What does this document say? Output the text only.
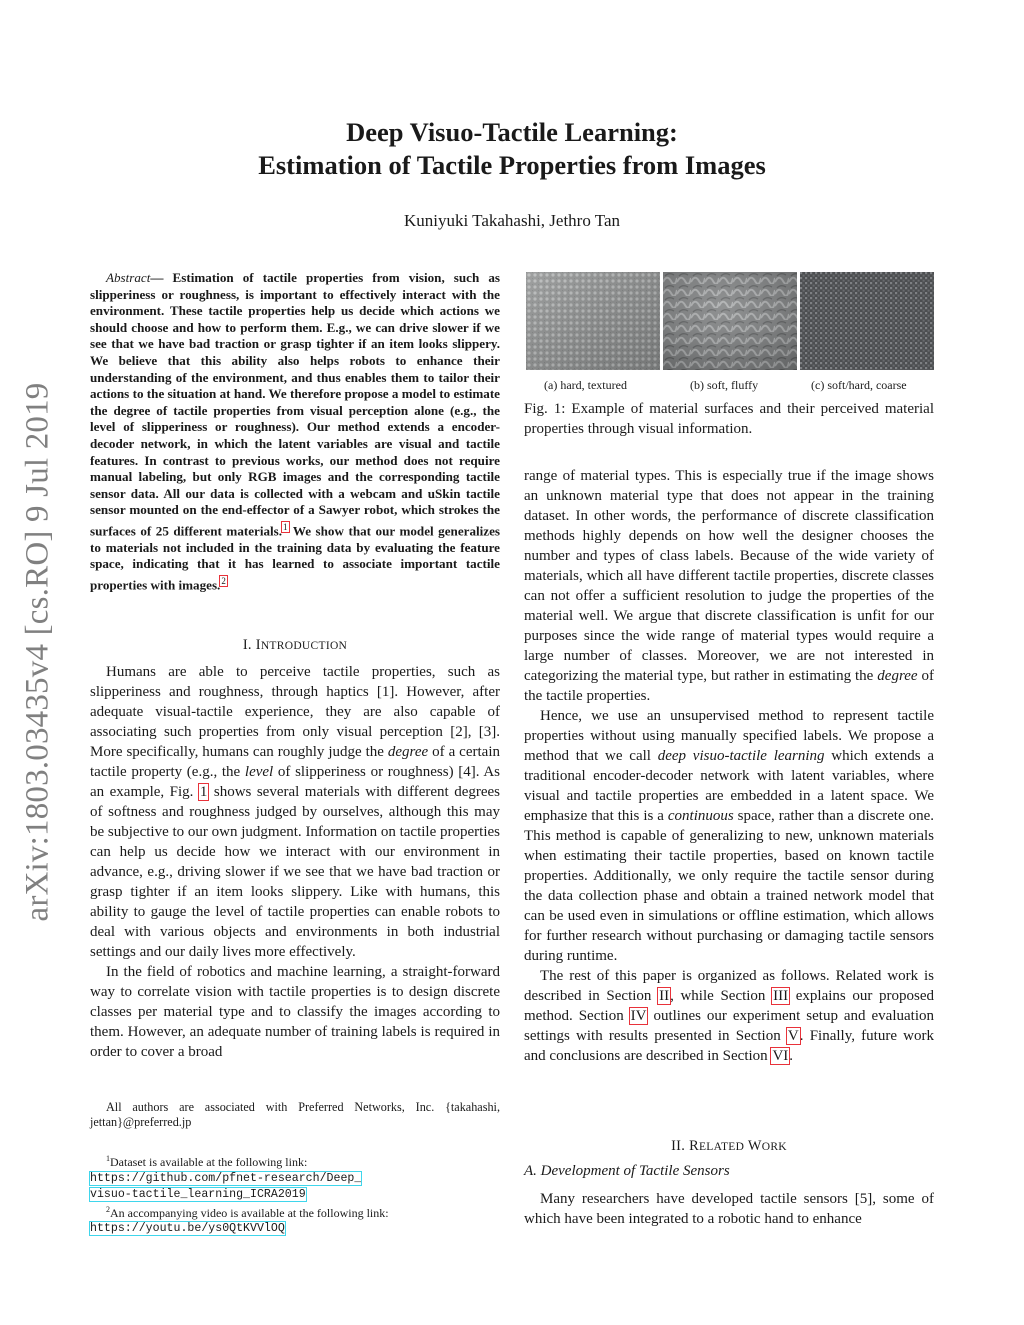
arXiv:1803.03435v4 [cs.RO] 9 Jul 2019
Deep Visuo-Tactile Learning:
Estimation of Tactile Properties from Images
Kuniyuki Takahashi, Jethro Tan
Abstract— Estimation of tactile properties from vision, such as slipperiness or roughness, is important to effectively interact with the environment. These tactile properties help us decide which actions we should choose and how to perform them. E.g., we can drive slower if we see that we have bad traction or grasp tighter if an item looks slippery. We believe that this ability also helps robots to enhance their understanding of the environment, and thus enables them to tailor their actions to the situation at hand. We therefore propose a model to estimate the degree of tactile properties from visual perception alone (e.g., the level of slipperiness or roughness). Our method extends a encoder-decoder network, in which the latent variables are visual and tactile features. In contrast to previous works, our method does not require manual labeling, but only RGB images and the corresponding tactile sensor data. All our data is collected with a webcam and uSkin tactile sensor mounted on the end-effector of a Sawyer robot, which strokes the surfaces of 25 different materials.$^1$ We show that our model generalizes to materials not included in the training data by evaluating the feature space, indicating that it has learned to associate important tactile properties with images.$^2$
I. INTRODUCTION

Humans are able to perceive tactile properties, such as slipperiness and roughness, through haptics [1]. However, after adequate visual-tactile experience, they are also capable of associating such properties from only visual perception [2], [3]. More specifically, humans can roughly judge the degree of a certain tactile property (e.g., the level of slipperiness or roughness) [4]. As an example, Fig. 1 shows several materials with different degrees of softness and roughness judged by ourselves, although this may be subjective to our own judgment. Information on tactile properties can help us decide how we interact with our environment in advance, e.g., driving slower if we see that we have bad traction or grasp tighter if an item looks slippery. Like with humans, this ability to gauge the level of tactile properties can enable robots to deal with various objects and environments in both industrial settings and our daily lives more effectively.

In the field of robotics and machine learning, a straight-forward way to correlate vision with tactile properties is to design discrete classes per material type and to classify the images according to them. However, an adequate number of training labels is required in order to cover a broad

All authors are associated with Preferred Networks, Inc. {takahashi, jettan}@preferred.jp

$^1$Dataset is available at the following link:

https://github.com/pfnet-research/Deep_

visuo-tactile_learning_ICRA2019

$^2$An accompanying video is available at the following link:

https://youtu.be/ys0QtKVVlOQ

(a) hard, textured	(b) soft, fluffy	(c) soft/hard, coarse
Fig. 1: Example of material surfaces and their perceived material properties through visual information.

range of material types. This is especially true if the image shows an unknown material type that does not appear in the training dataset. In other words, the performance of discrete classification methods highly depends on how well the designer chooses the number and types of class labels. Because of the wide variety of materials, which all have different tactile properties, discrete classes can not offer a sufficient resolution to judge the properties of the material well. We argue that discrete classification is unfit for our purposes since the wide range of material types would require a large number of classes. Moreover, we are not interested in categorizing the material type, but rather in estimating the degree of the tactile properties.

Hence, we use an unsupervised method to represent tactile properties without using manually specified labels. We propose a method that we call deep visuo-tactile learning which extends a traditional encoder-decoder network with latent variables, where visual and tactile properties are embedded in a latent space. We emphasize that this is a continuous space, rather than a discrete one. This method is capable of generalizing to new, unknown materials when estimating their tactile properties, based on known tactile properties. Additionally, we only require the tactile sensor during the data collection phase and obtain a trained network model that can be used even in simulations or offline estimation, which allows for further research without purchasing or damaging tactile sensors during runtime.

The rest of this paper is organized as follows. Related work is described in Section II, while Section III explains our proposed method. Section IV outlines our experiment setup and evaluation settings with results presented in Section V. Finally, future work and conclusions are described in Section VI.

II. RELATED WORK
A. Development of Tactile Sensors

Many researchers have developed tactile sensors [5], some of which have been integrated to a robotic hand to enhance
